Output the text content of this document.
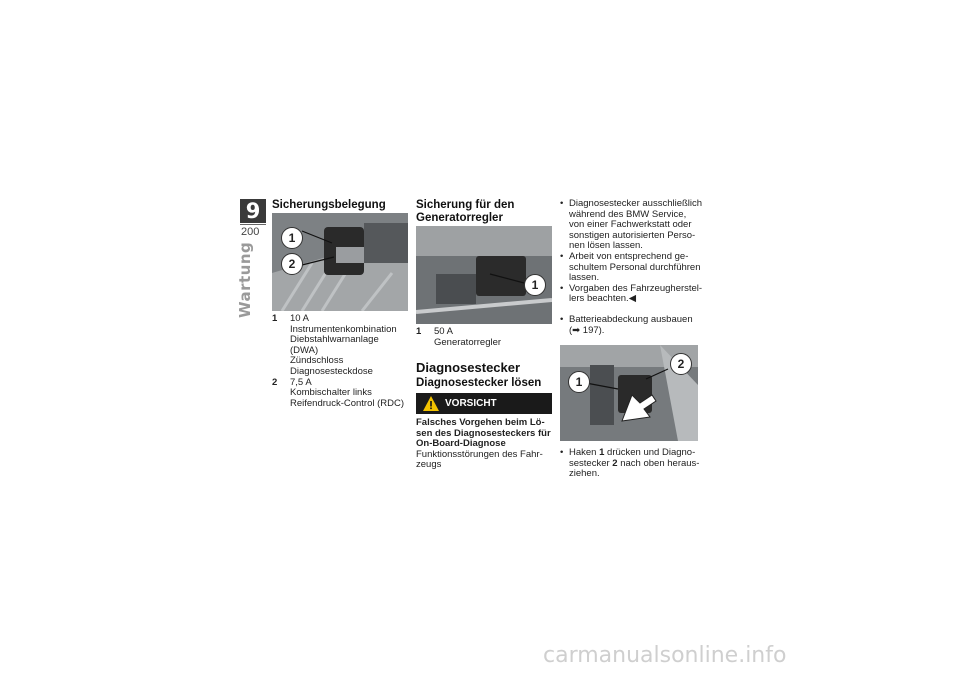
9
200
Wartung
Sicherungsbelegung
1
2
1	10 A
Instrumentenkombination
Diebstahlwarnanlage
(DWA)
Zündschloss
Diagnosesteckdose
2	7,5 A
Kombischalter links
Reifendruck-Control (RDC)
Sicherung für den
Generatorregler
1
1	50 A
Generatorregler
Diagnosestecker
Diagnosestecker lösen
VORSICHT
Falsches Vorgehen beim Lö-
sen des Diagnosesteckers für
On-Board-Diagnose
Funktionsstörungen des Fahr-
zeugs
• Diagnosestecker ausschließlich
während des BMW Service,
von einer Fachwerkstatt oder
sonstigen autorisierten Perso-
nen lösen lassen.
• Arbeit von entsprechend ge-
schultem Personal durchführen
lassen.
• Vorgaben des Fahrzeugherstel-
lers beachten.◀
• Batterieabdeckung ausbauen
(➡ 197).
1
2
• Haken 1 drücken und Diagno-
sestecker 2 nach oben heraus-
ziehen.
carmanualsonline.info
